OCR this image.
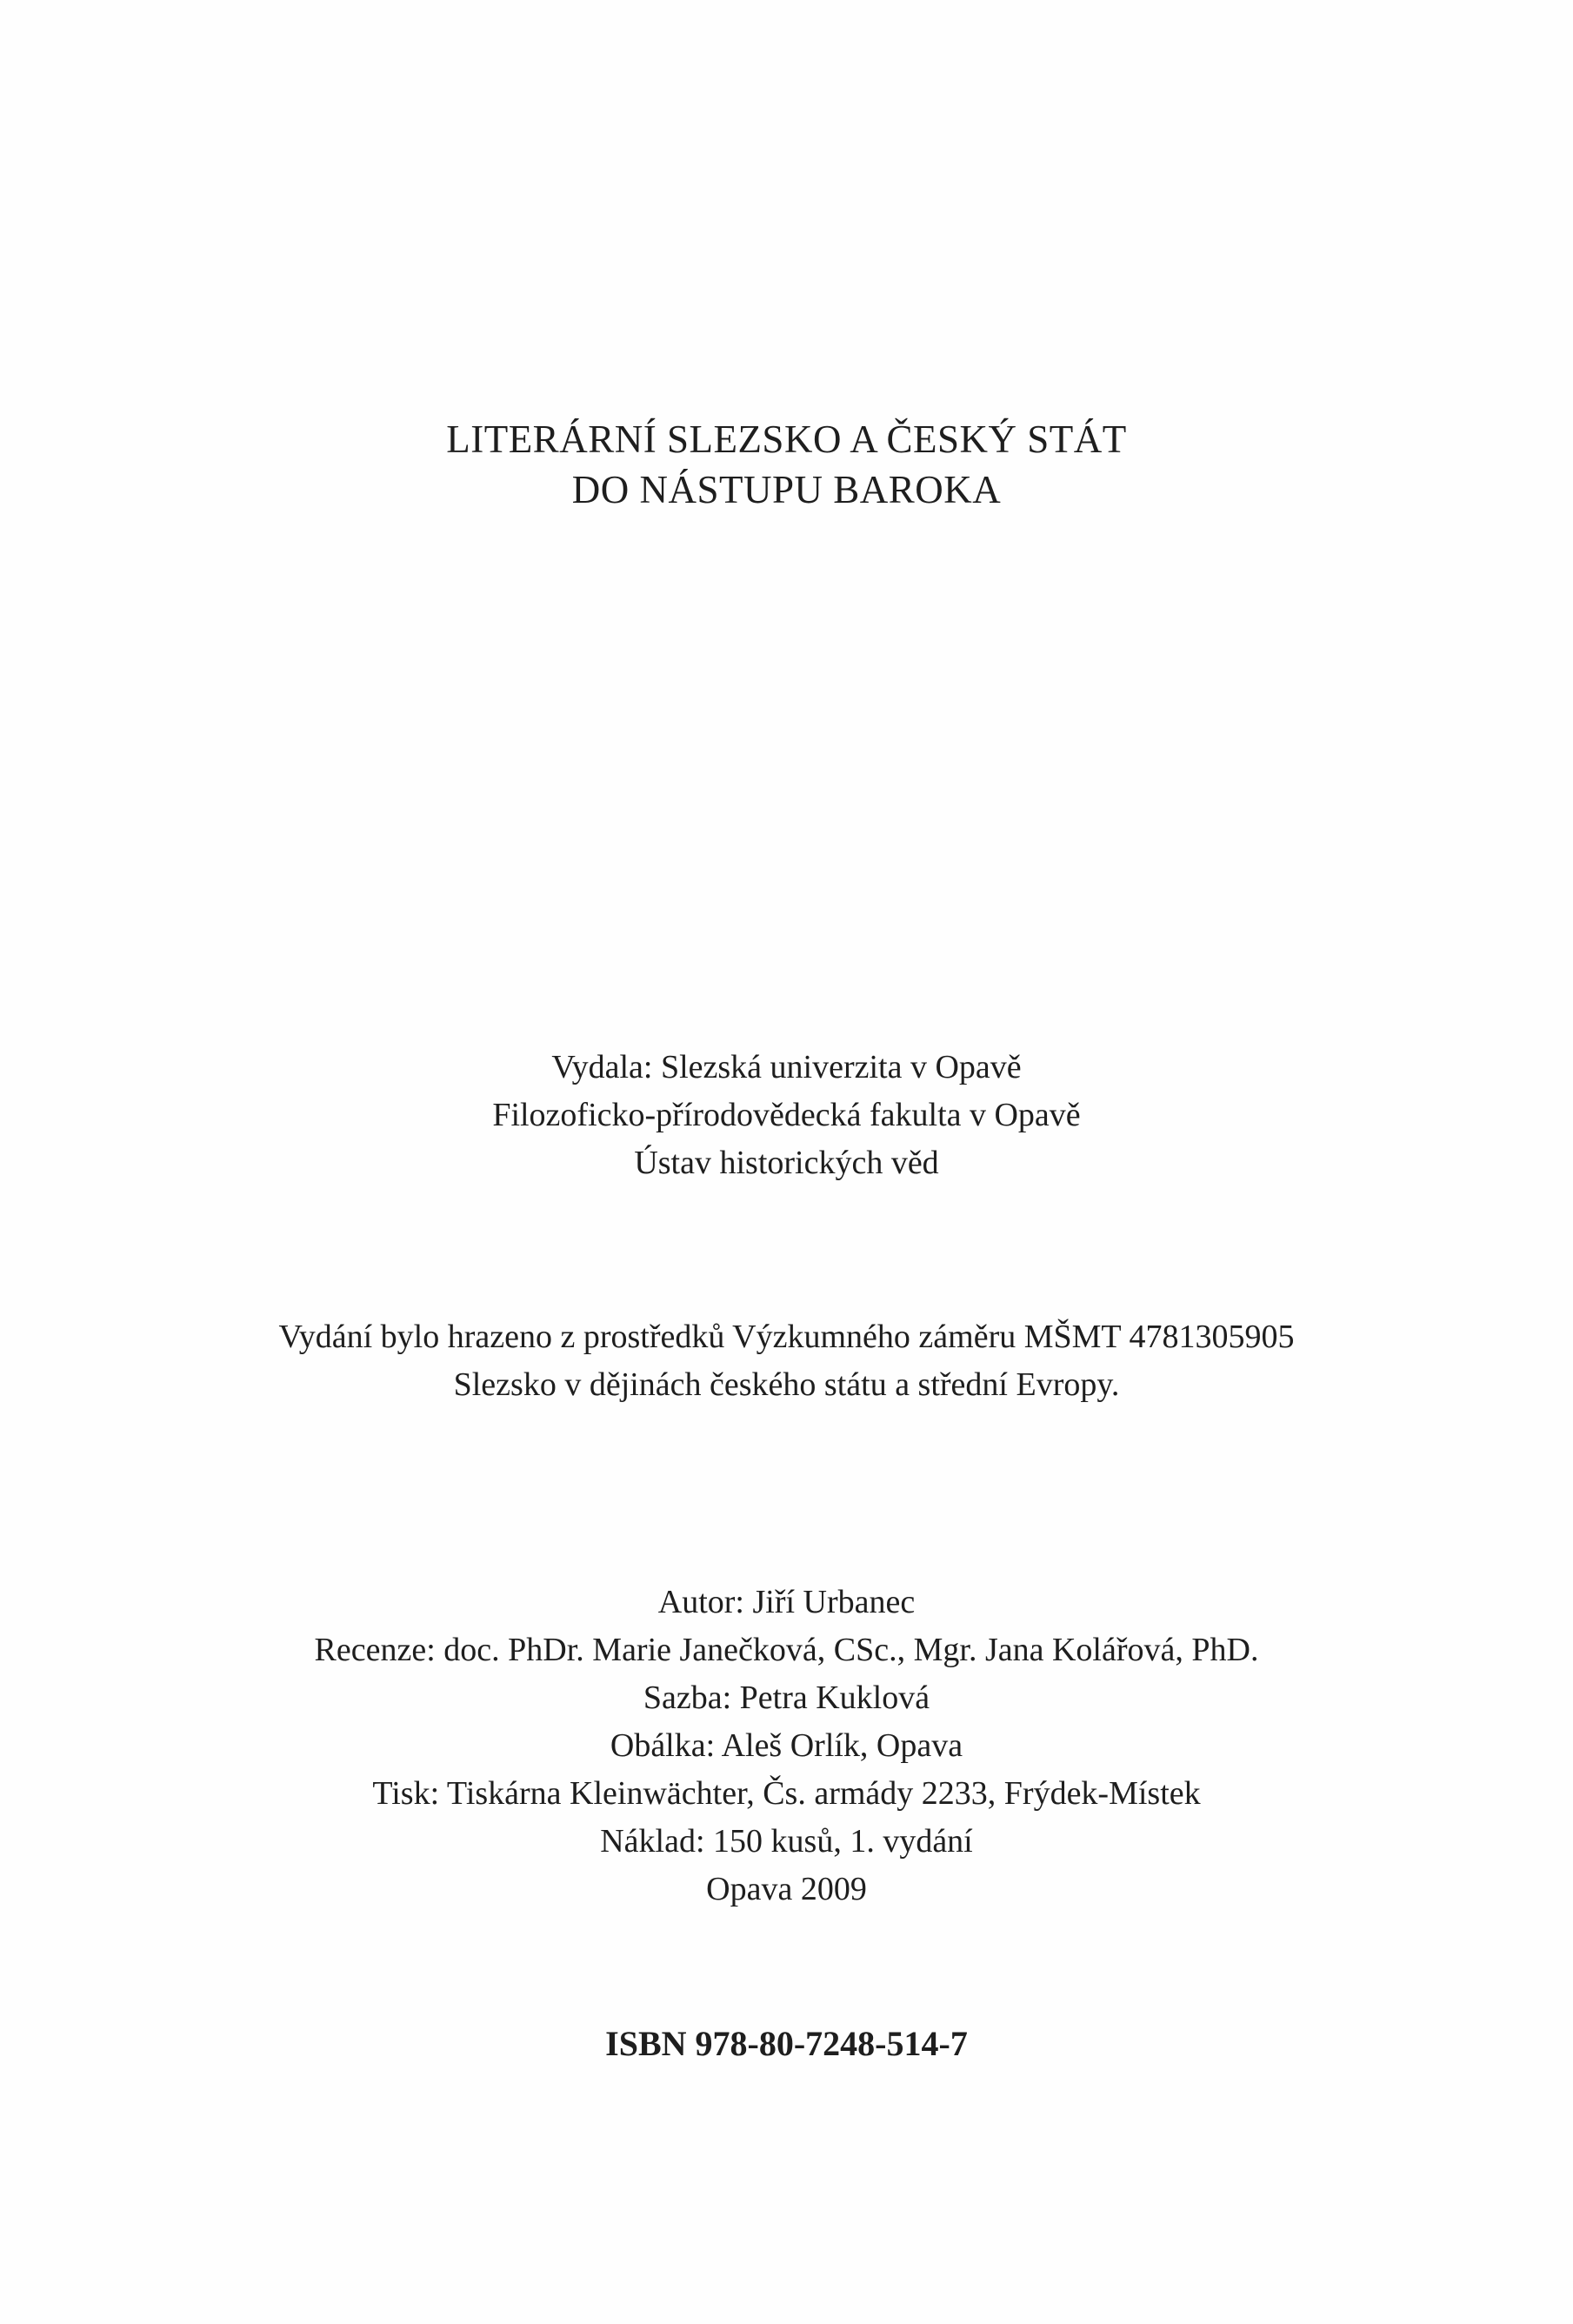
LITERÁRNÍ SLEZSKO A ČESKÝ STÁT
DO NÁSTUPU BAROKA
Vydala: Slezská univerzita v Opavě
Filozoficko-přírodovědecká fakulta v Opavě
Ústav historických věd
Vydání bylo hrazeno z prostředků Výzkumného záměru MŠMT 4781305905
Slezsko v dějinách českého státu a střední Evropy.
Autor: Jiří Urbanec
Recenze: doc. PhDr. Marie Janečková, CSc., Mgr. Jana Kolářová, PhD.
Sazba: Petra Kuklová
Obálka: Aleš Orlík, Opava
Tisk: Tiskárna Kleinwächter, Čs. armády 2233, Frýdek-Místek
Náklad: 150 kusů, 1. vydání
Opava 2009
ISBN 978-80-7248-514-7
